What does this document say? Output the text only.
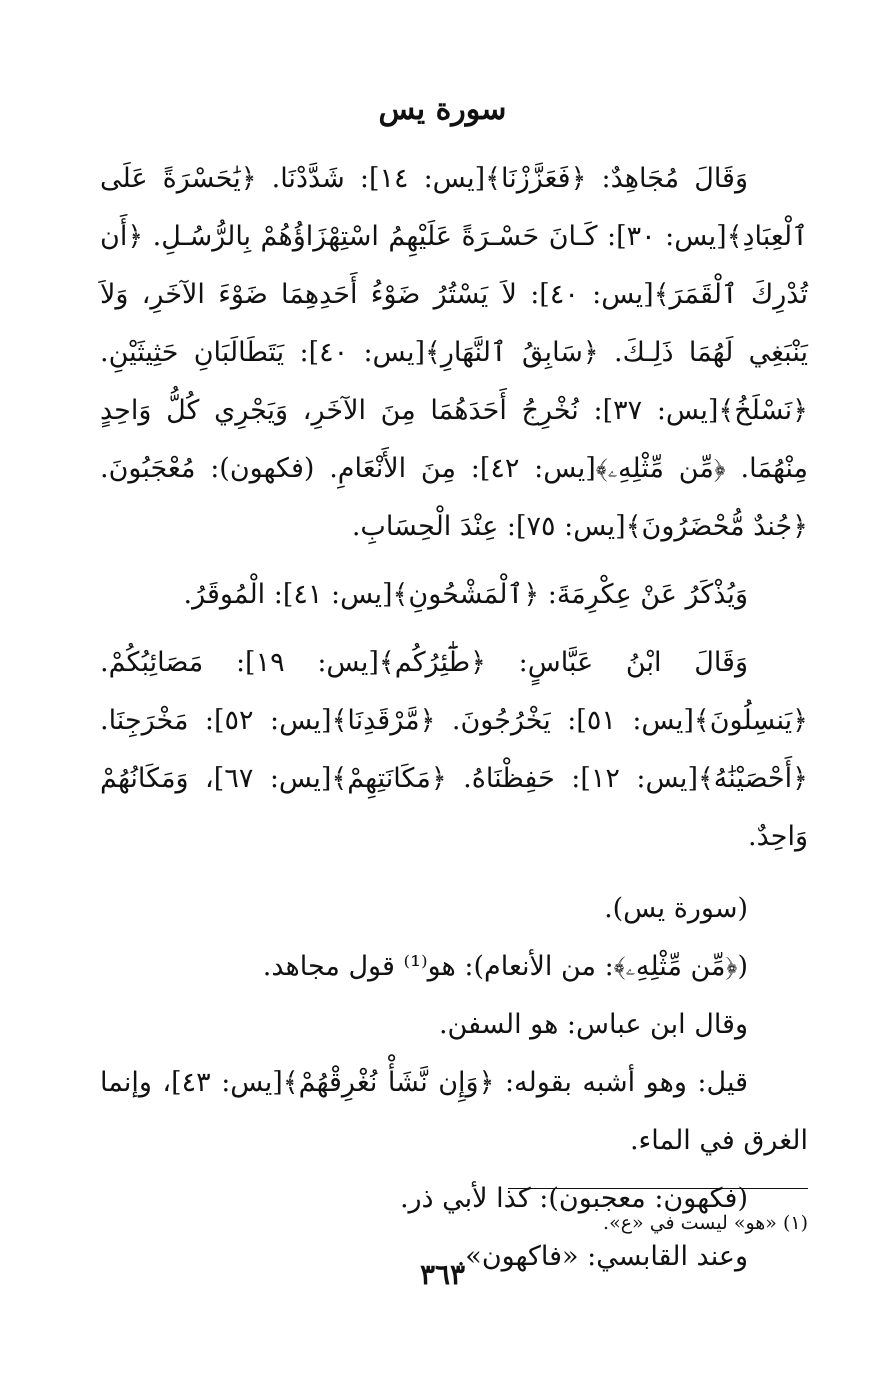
سورة يس

وَقَالَ مُجَاهِدٌ: ﴿فَعَزَّزْنَا﴾[يس: ١٤]: شَدَّدْنَا. ﴿يَٰحَسْرَةً عَلَى ٱلْعِبَادِ﴾[يس: ٣٠]: كَـانَ حَسْـرَةً عَلَيْهِمُ اسْتِهْزَاؤُهُمْ بِالرُّسُـلِ. ﴿أَن تُدْرِكَ ٱلْقَمَرَ﴾[يس: ٤٠]: لاَ يَسْتُرُ ضَوْءُ أَحَدِهِمَا ضَوْءَ الآخَرِ، وَلاَ يَنْبَغِي لَهُمَا ذَلِـكَ. ﴿سَابِقُ ٱلنَّهَارِ﴾[يس: ٤٠]: يَتَطَالَبَانِ حَثِيثَيْنِ. ﴿نَسْلَخُ﴾[يس: ٣٧]: نُخْرِجُ أَحَدَهُمَا مِنَ الآخَرِ، وَيَجْرِي كُلُّ وَاحِدٍ مِنْهُمَا. ﴿مِّن مِّثْلِهِۦ﴾[يس: ٤٢]: مِنَ الأَنْعَامِ. (فكهون): مُعْجَبُونَ. ﴿جُندٌ مُّحْضَرُونَ﴾[يس: ٧٥]: عِنْدَ الْحِسَابِ.

وَيُذْكَرُ عَنْ عِكْرِمَةَ: ﴿ٱلْمَشْحُونِ﴾[يس: ٤١]: الْمُوقَرُ.

وَقَالَ ابْنُ عَبَّاسٍ: ﴿طَٰٓئِرُكُم﴾[يس: ١٩]: مَصَائِبُكُمْ. ﴿يَنسِلُونَ﴾[يس: ٥١]: يَخْرُجُونَ. ﴿مَّرْقَدِنَا﴾[يس: ٥٢]: مَخْرَجِنَا. ﴿أَحْصَيْنَٰهُ﴾[يس: ١٢]: حَفِظْنَاهُ. ﴿مَكَانَتِهِمْ﴾[يس: ٦٧]، وَمَكَانُهُمْ وَاحِدٌ.

(سورة يس).

(﴿مِّن مِّثْلِهِۦ﴾: من الأنعام): هو⁽¹⁾ قول مجاهد.

وقال ابن عباس: هو السفن.

قيل: وهو أشبه بقوله: ﴿وَإِن نَّشَأْ نُغْرِقْهُمْ﴾[يس: ٤٣]، وإنما الغرق في الماء.

(فكهون: معجبون): كذا لأبي ذر.

وعند القابسي: «فاكهون».

(١) «هو» ليست في «ع».
٣٦٣
